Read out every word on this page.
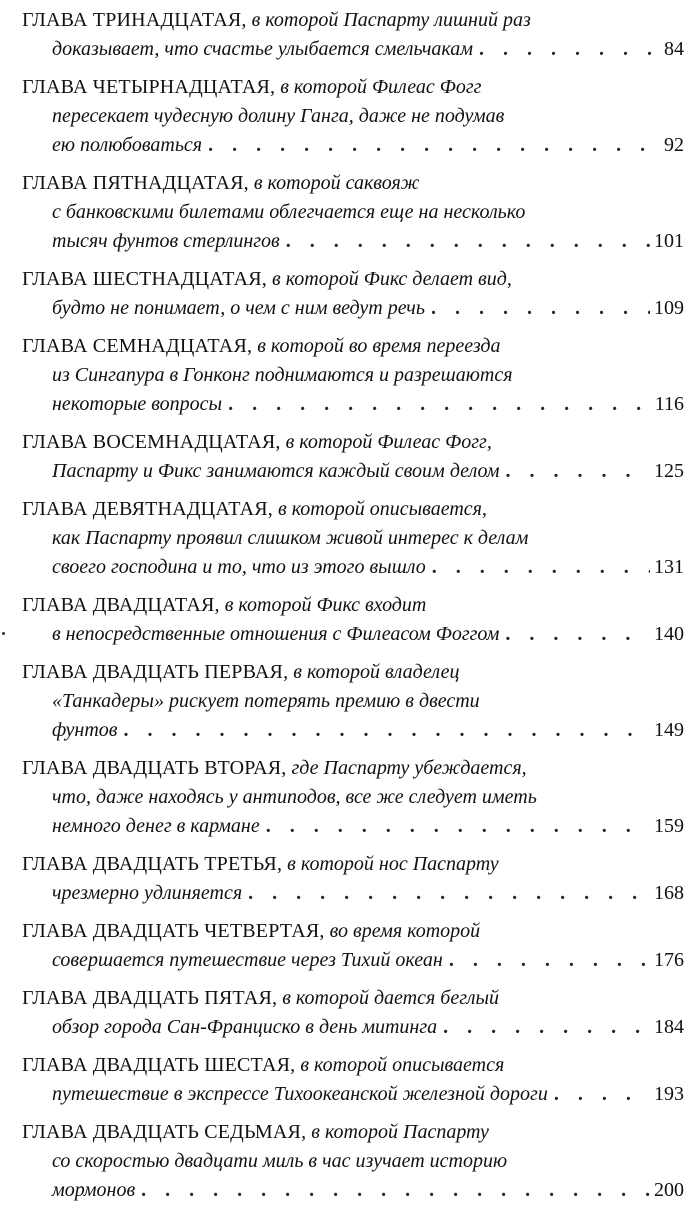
ГЛАВА ТРИНАДЦАТАЯ, в которой Паспарту лишний раз
доказывает, что счастье улыбается смельчакам . . .	84
ГЛАВА ЧЕТЫРНАДЦАТАЯ, в которой Филеас Фогг
пересекает чудесную долину Ганга, даже не подумав
ею полюбоваться . . .	92
ГЛАВА ПЯТНАДЦАТАЯ, в которой саквояж
с банковскими билетами облегчается еще на несколько
тысяч фунтов стерлингов . . .	101
ГЛАВА ШЕСТНАДЦАТАЯ, в которой Фикс делает вид,
будто не понимает, о чем с ним ведут речь . . .	109
ГЛАВА СЕМНАДЦАТАЯ, в которой во время переезда
из Сингапура в Гонконг поднимаются и разрешаются
некоторые вопросы . . .	116
ГЛАВА ВОСЕМНАДЦАТАЯ, в которой Филеас Фогг,
Паспарту и Фикс занимаются каждый своим делом . . .	125
ГЛАВА ДЕВЯТНАДЦАТАЯ, в которой описывается,
как Паспарту проявил слишком живой интерес к делам
своего господина и то, что из этого вышло . . .	131
ГЛАВА ДВАДЦАТАЯ, в которой Фикс входит
в непосредственные отношения с Филеасом Фоггом . . .	140
ГЛАВА ДВАДЦАТЬ ПЕРВАЯ, в которой владелец
«Танкадеры» рискует потерять премию в двести
фунтов . . .	149
ГЛАВА ДВАДЦАТЬ ВТОРАЯ, где Паспарту убеждается,
что, даже находясь у антиподов, все же следует иметь
немного денег в кармане . . .	159
ГЛАВА ДВАДЦАТЬ ТРЕТЬЯ, в которой нос Паспарту
чрезмерно удлиняется . . .	168
ГЛАВА ДВАДЦАТЬ ЧЕТВЕРТАЯ, во время которой
совершается путешествие через Тихий океан . . .	176
ГЛАВА ДВАДЦАТЬ ПЯТАЯ, в которой дается беглый
обзор города Сан-Франциско в день митинга . . .	184
ГЛАВА ДВАДЦАТЬ ШЕСТАЯ, в которой описывается
путешествие в экспрессе Тихоокеанской железной дороги . . .	193
ГЛАВА ДВАДЦАТЬ СЕДЬМАЯ, в которой Паспарту
со скоростью двадцати миль в час изучает историю
мормонов . . .	200
